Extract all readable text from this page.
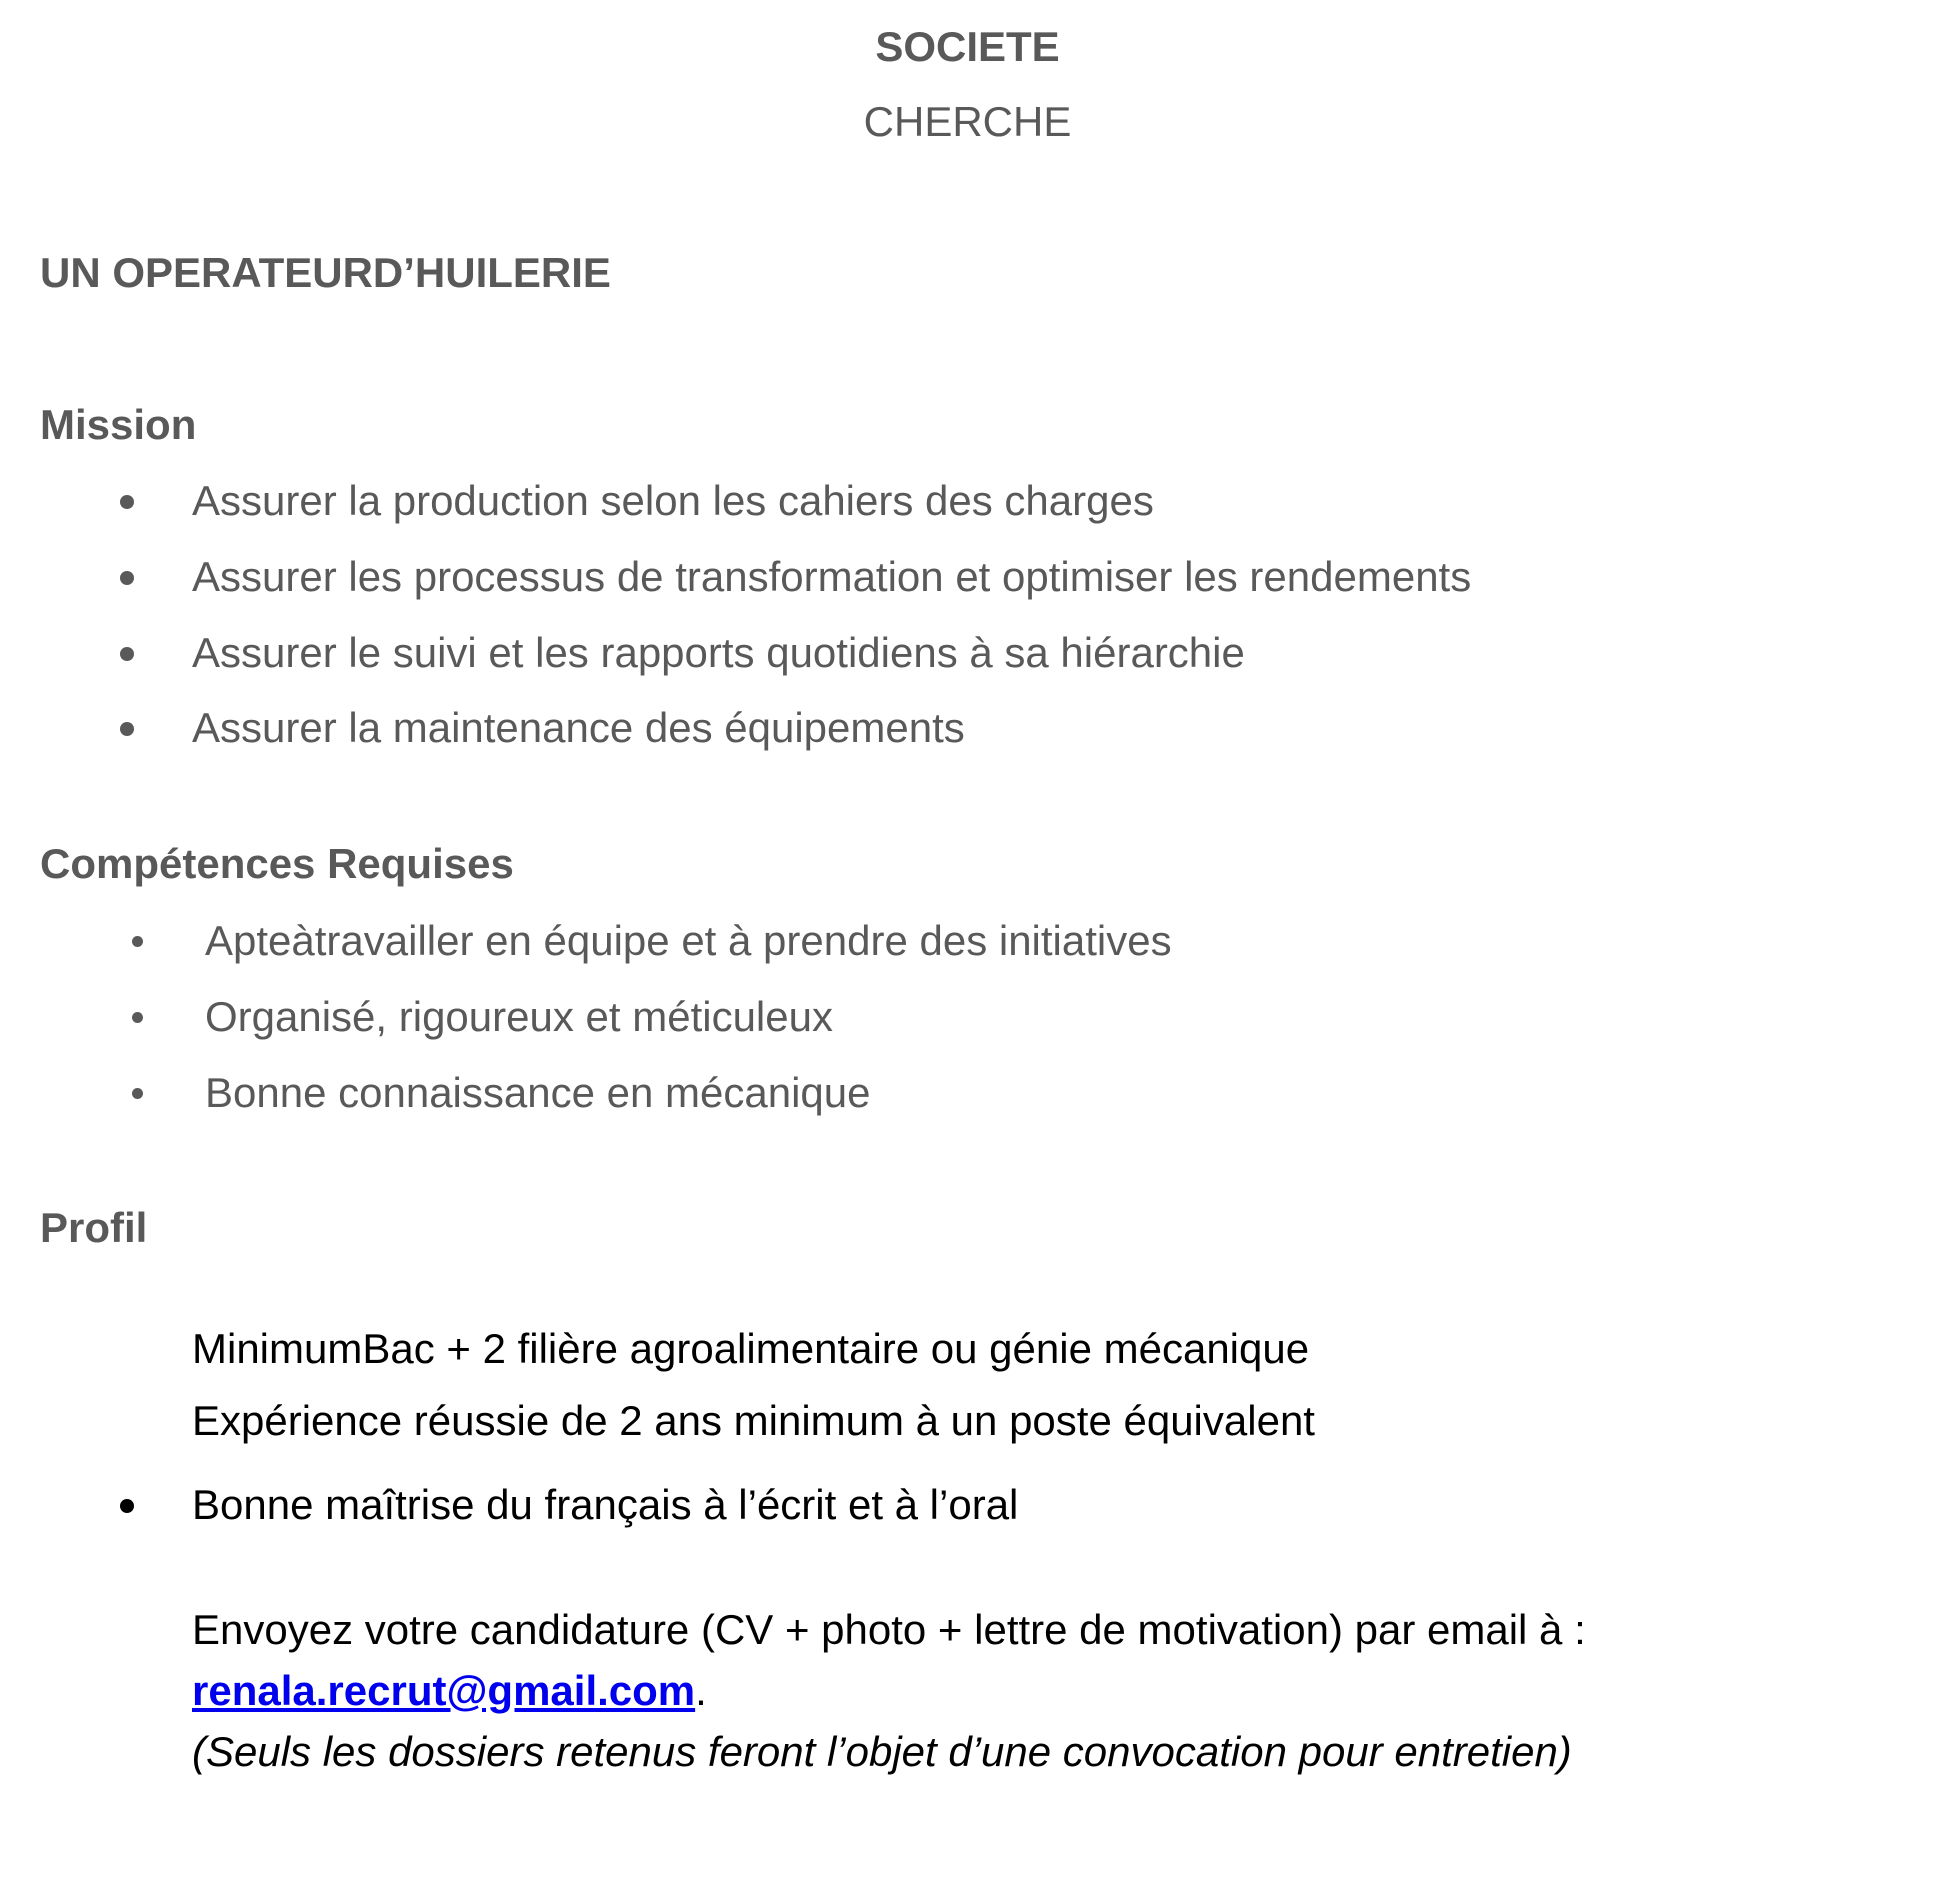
SOCIETE
CHERCHE
UN OPERATEURD’HUILERIE
Mission
Assurer la production selon les cahiers des charges
Assurer les processus de transformation et optimiser les rendements
Assurer le suivi et les rapports quotidiens à sa hiérarchie
Assurer la maintenance des équipements
Compétences Requises
Apteàtravailler en équipe et à prendre des initiatives
Organisé, rigoureux et méticuleux
Bonne connaissance en mécanique
Profil
MinimumBac + 2 filière agroalimentaire ou génie mécanique
Expérience réussie de 2 ans minimum à un poste équivalent
Bonne maîtrise du français à l’écrit et à l’oral
Envoyez votre candidature (CV + photo + lettre de motivation) par email à :
renala.recrut@gmail.com.
(Seuls les dossiers retenus feront l’objet d’une convocation pour entretien)
